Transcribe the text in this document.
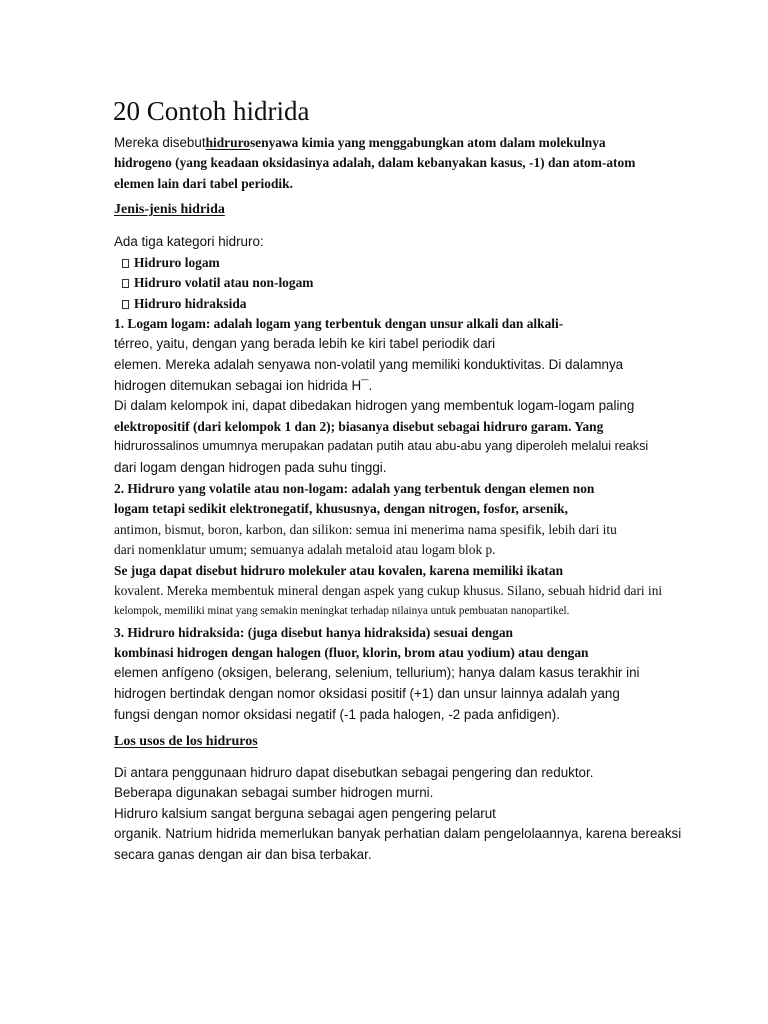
20 Contoh hidrida
Mereka disebuthidrurosenyawa kimia yang menggabungkan atom dalam molekulnya
hidrogeno (yang keadaan oksidasinya adalah, dalam kebanyakan kasus, -1) dan atom-atom
elemen lain dari tabel periodik.
Jenis-jenis hidrida
Ada tiga kategori hidruro:
Hidruro logam
Hidruro volatil atau non-logam
Hidruro hidraksida
1. Logam logam: adalah logam yang terbentuk dengan unsur alkali dan alkali-
térreo, yaitu, dengan yang berada lebih ke kiri tabel periodik dari
elemen. Mereka adalah senyawa non-volatil yang memiliki konduktivitas. Di dalamnya
hidrogen ditemukan sebagai ion hidrida H¯.
Di dalam kelompok ini, dapat dibedakan hidrogen yang membentuk logam-logam paling
elektropositif (dari kelompok 1 dan 2); biasanya disebut sebagai hidruro garam. Yang
hidrurossalinos umumnya merupakan padatan putih atau abu-abu yang diperoleh melalui reaksi
dari logam dengan hidrogen pada suhu tinggi.
2. Hidruro yang volatile atau non-logam: adalah yang terbentuk dengan elemen non
logam tetapi sedikit elektronegatif, khususnya, dengan nitrogen, fosfor, arsenik,
antimon, bismut, boron, karbon, dan silikon: semua ini menerima nama spesifik, lebih dari itu
dari nomenklatur umum; semuanya adalah metaloid atau logam blok p.
Se juga dapat disebut hidruro molekuler atau kovalen, karena memiliki ikatan
kovalent. Mereka membentuk mineral dengan aspek yang cukup khusus. Silano, sebuah hidrid dari ini
kelompok, memiliki minat yang semakin meningkat terhadap nilainya untuk pembuatan nanopartikel.
3. Hidruro hidraksida: (juga disebut hanya hidraksida) sesuai dengan
kombinasi hidrogen dengan halogen (fluor, klorin, brom atau yodium) atau dengan
elemen anfígeno (oksigen, belerang, selenium, tellurium); hanya dalam kasus terakhir ini
hidrogen bertindak dengan nomor oksidasi positif (+1) dan unsur lainnya adalah yang
fungsi dengan nomor oksidasi negatif (-1 pada halogen, -2 pada anfidigen).
Los usos de los hidruros
Di antara penggunaan hidruro dapat disebutkan sebagai pengering dan reduktor.
Beberapa digunakan sebagai sumber hidrogen murni.
Hidruro kalsium sangat berguna sebagai agen pengering pelarut
organik. Natrium hidrida memerlukan banyak perhatian dalam pengelolaannya, karena bereaksi
secara ganas dengan air dan bisa terbakar.
